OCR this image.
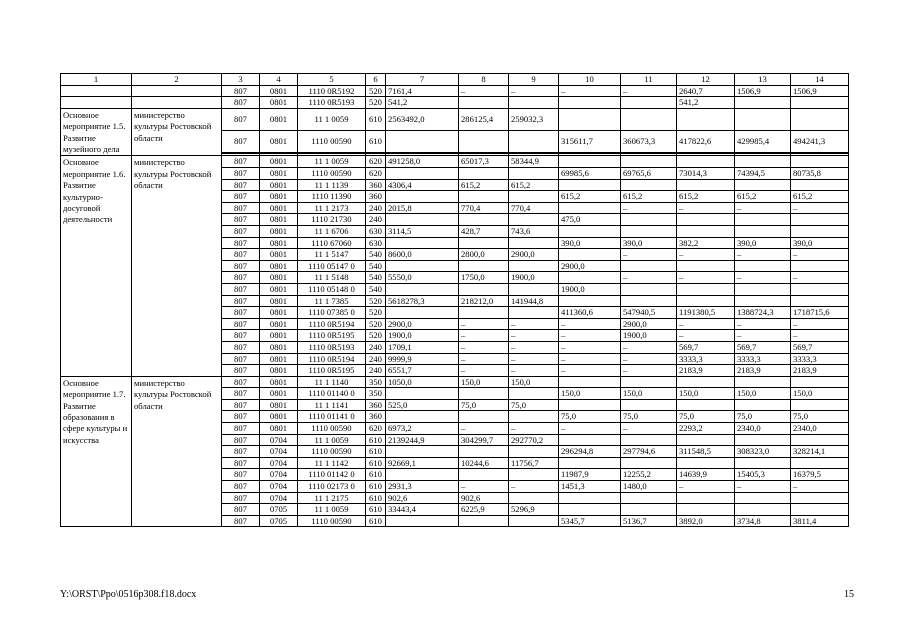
1	2	3	4	5	6	7	8	9	10	11	12	13	14	
		807	0801	1110 0R5192	520	7161,4	–	–	–	–	2640,7	1506,9	1506,9	
		807	0801	1110 0R5193	520	541,2					541,2			
Основное мероприятие 1.5. Развитие музейного дела	министерство культуры Ростовской области	807	0801	11 1 0059	610	2563492,0	286125,4	259032,3						
		807	0801	1110 00590	610				315611,7	360673,3	417822,6	429985,4	494241,3	

Основное мероприятие 1.6. Развитие культурно-досуговой деятельности	министерство культуры Ростовской области	807	0801	11 1 0059	620	491258,0	65017,3	58344,9						
		807	0801	1110 00590	620				69985,6	69765,6	73014,3	74394,5	80735,8	
		807	0801	11 1 1139	360	4306,4	615,2	615,2						
		807	0801	1110 11390	360				615,2	615,2	615,2	615,2	615,2	
		807	0801	11 1 2173	240	2015,8	770,4	770,4		–	–	–	–	
		807	0801	1110 21730	240				475,0					
		807	0801	11 1 6706	630	3114,5	428,7	743,6						
		807	0801	1110 67060	630				390,0	390,0	382,2	390,0	390,0	
		807	0801	11 1 5147	540	8600,0	2800,0	2900,0		–	–	–	–	
		807	0801	1110 05147 0	540				2900,0					
		807	0801	11 1 5148	540	5550,0	1750,0	1900,0		–	–	–	–	
		807	0801	1110 05148 0	540				1900,0					
		807	0801	11 1 7385	520	5618278,3	218212,0	141944,8						
		807	0801	1110 07385 0	520				411360,6	547940,5	1191380,5	1388724,3	1718715,6	
		807	0801	1110 0R5194	520	2900,0	–	–	–	2900,0	–	–	–	
		807	0801	1110 0R5195	520	1900,0	–	–	–	1900,0	–	–	–	
		807	0801	1110 0R5193	240	1709,1	–	–	–	–	569,7	569,7	569,7	
		807	0801	1110 0R5194	240	9999,9	–	–	–	–	3333,3	3333,3	3333,3	
		807	0801	1110 0R5195	240	6551,7	–	–	–	–	2183,9	2183,9	2183,9	
Основное мероприятие 1.7. Развитие образования в сфере культуры и искусства	министерство культуры Ростовской области	807	0801	11 1 1140	350	1050,0	150,0	150,0						
		807	0801	1110 01140 0	350				150,0	150,0	150,0	150,0	150,0	
		807	0801	11 1 1141	360	525,0	75,0	75,0						
		807	0801	1110 01141 0	360				75,0	75,0	75,0	75,0	75,0	
		807	0801	1110 00590	620	6973,2	–	–	–	–	2293,2	2340,0	2340,0	
		807	0704	11 1 0059	610	2139244,9	304299,7	292770,2						
		807	0704	1110 00590	610				296294,8	297794,6	311548,5	308323,0	328214,1	
		807	0704	11 1 1142	610	92669,1	10244,6	11756,7						
		807	0704	1110 01142 0	610				11987,9	12255,2	14639,9	15405,3	16379,5	
		807	0704	1110 02173 0	610	2931,3	–	–	1451,3	1480,0	–	–	–	
		807	0704	11 1 2175	610	902,6	902,6							
		807	0705	11 1 0059	610	33443,4	6225,9	5296,9						
		807	0705	1110 00590	610				5345,7	5136,7	3892,0	3734,8	3811,4	
Y:\ORST\Ppo\0516p308.f18.docx	15
